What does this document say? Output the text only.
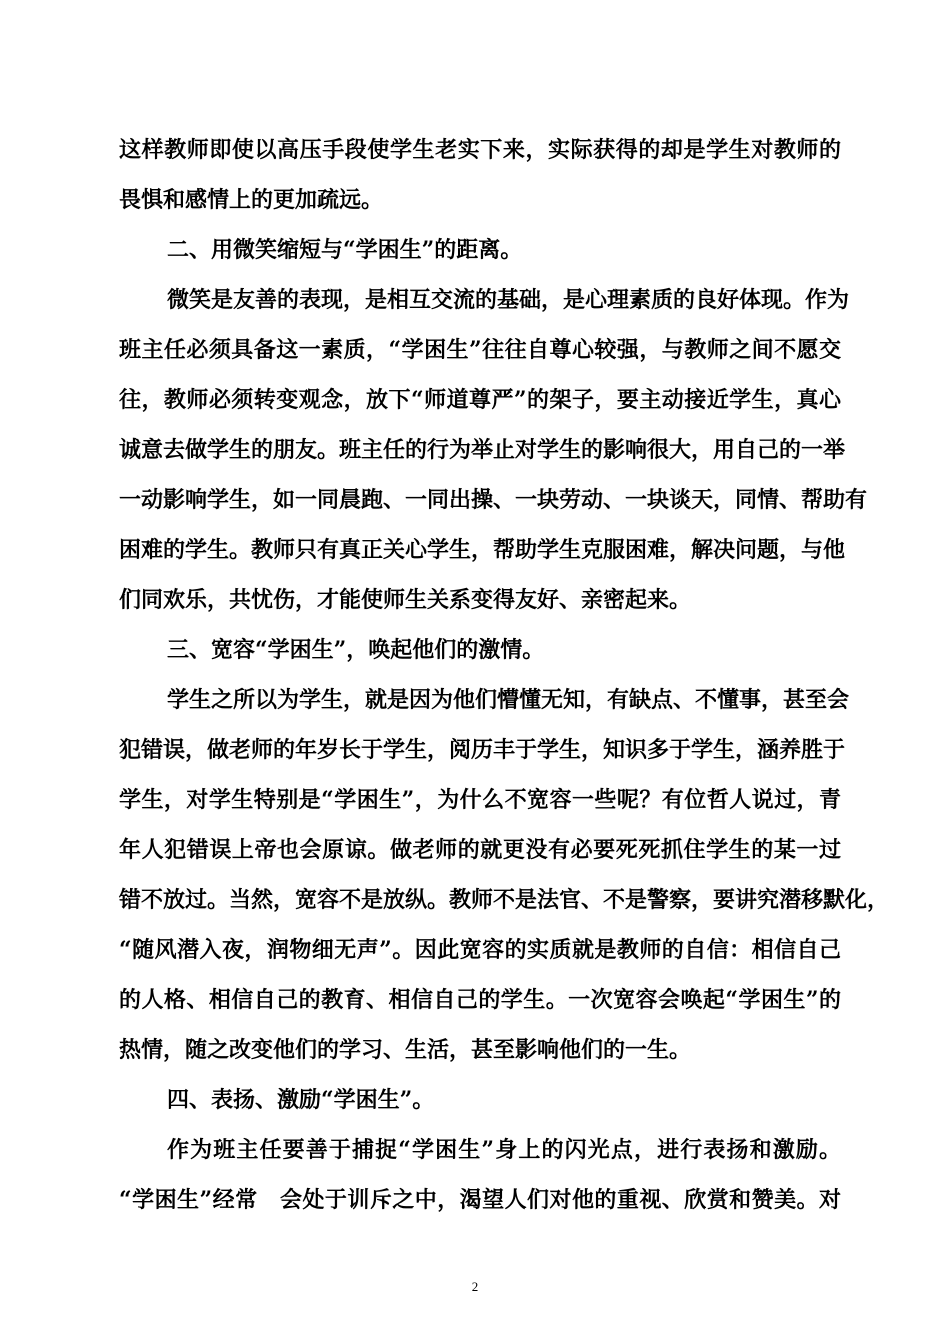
这样教师即使以高压手段使学生老实下来，实际获得的却是学生对教师的
畏惧和感情上的更加疏远。
二、用微笑缩短与“学困生”的距离。
微笑是友善的表现，是相互交流的基础，是心理素质的良好体现。作为
班主任必须具备这一素质，“学困生”往往自尊心较强，与教师之间不愿交
往，教师必须转变观念，放下“师道尊严”的架子，要主动接近学生，真心
诚意去做学生的朋友。班主任的行为举止对学生的影响很大，用自己的一举
一动影响学生，如一同晨跑、一同出操、一块劳动、一块谈天，同情、帮助有
困难的学生。教师只有真正关心学生，帮助学生克服困难，解决问题，与他
们同欢乐，共忧伤，才能使师生关系变得友好、亲密起来。
三、宽容“学困生”，唤起他们的激情。
学生之所以为学生，就是因为他们懵懂无知，有缺点、不懂事，甚至会
犯错误，做老师的年岁长于学生，阅历丰于学生，知识多于学生，涵养胜于
学生，对学生特别是“学困生”，为什么不宽容一些呢？有位哲人说过，青
年人犯错误上帝也会原谅。做老师的就更没有必要死死抓住学生的某一过
错不放过。当然，宽容不是放纵。教师不是法官、不是警察，要讲究潜移默化，
“随风潜入夜，润物细无声”。因此宽容的实质就是教师的自信：相信自己
的人格、相信自己的教育、相信自己的学生。一次宽容会唤起“学困生”的
热情，随之改变他们的学习、生活，甚至影响他们的一生。
四、表扬、激励“学困生”。
作为班主任要善于捕捉“学困生”身上的闪光点，进行表扬和激励。
“学困生”经常　会处于训斥之中，渴望人们对他的重视、欣赏和赞美。对
2
